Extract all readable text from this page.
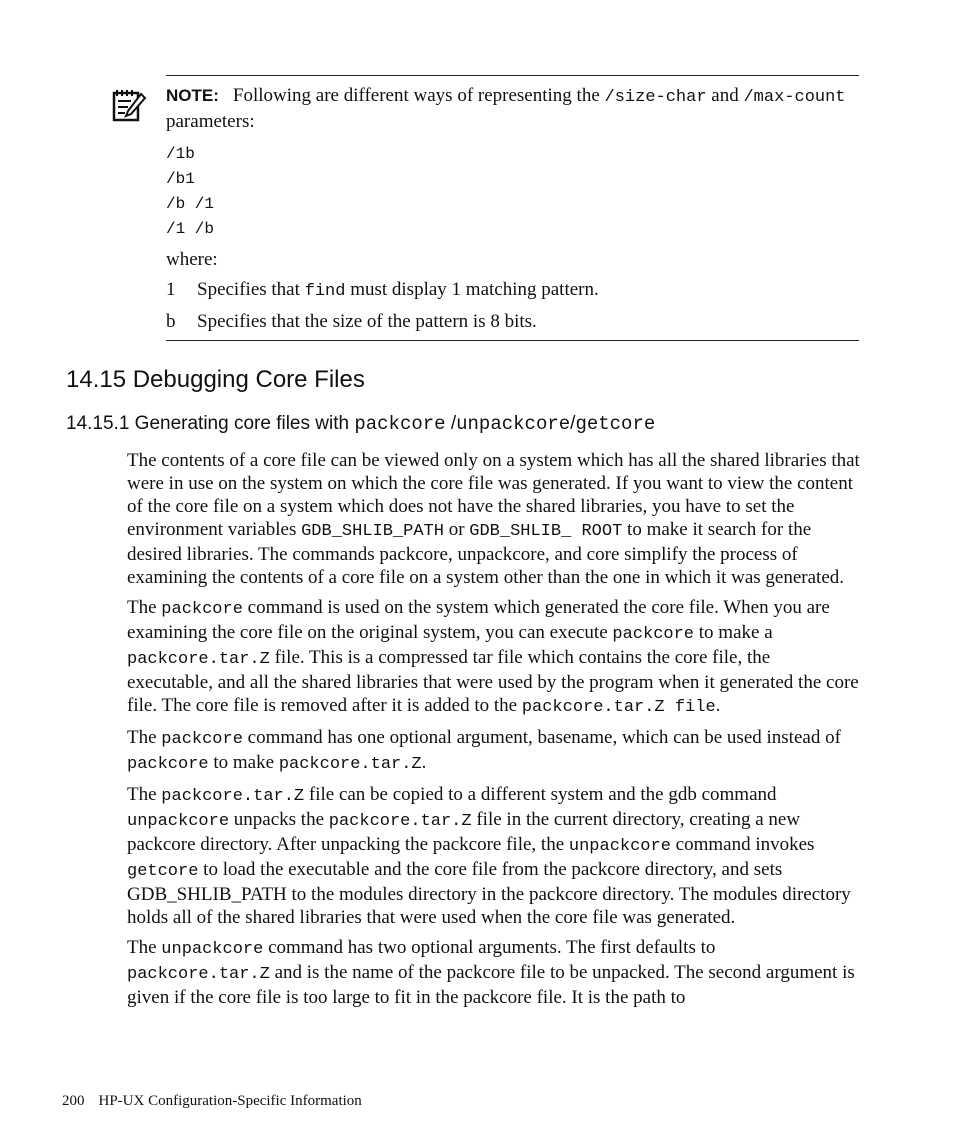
NOTE: Following are different ways of representing the /size-char and /max-count parameters:
/1b
/b1
/b /1
/1 /b
where:
1	Specifies that find must display 1 matching pattern.
b	Specifies that the size of the pattern is 8 bits.
14.15 Debugging Core Files
14.15.1 Generating core files with packcore /unpackcore/getcore

The contents of a core file can be viewed only on a system which has all the shared libraries that were in use on the system on which the core file was generated. If you want to view the content of the core file on a system which does not have the shared libraries, you have to set the environment variables GDB_SHLIB_PATH or GDB_SHLIB_ ROOT to make it search for the desired libraries. The commands packcore, unpackcore, and core simplify the process of examining the contents of a core file on a system other than the one in which it was generated.

The packcore command is used on the system which generated the core file. When you are examining the core file on the original system, you can execute packcore to make a packcore.tar.Z file. This is a compressed tar file which contains the core file, the executable, and all the shared libraries that were used by the program when it generated the core file. The core file is removed after it is added to the packcore.tar.Z file.

The packcore command has one optional argument, basename, which can be used instead of packcore to make packcore.tar.Z.

The packcore.tar.Z file can be copied to a different system and the gdb command unpackcore unpacks the packcore.tar.Z file in the current directory, creating a new packcore directory. After unpacking the packcore file, the unpackcore command invokes getcore to load the executable and the core file from the packcore directory, and sets GDB_SHLIB_PATH to the modules directory in the packcore directory. The modules directory holds all of the shared libraries that were used when the core file was generated.

The unpackcore command has two optional arguments. The first defaults to packcore.tar.Z and is the name of the packcore file to be unpacked. The second argument is given if the core file is too large to fit in the packcore file. It is the path to

200 HP-UX Configuration-Specific Information
